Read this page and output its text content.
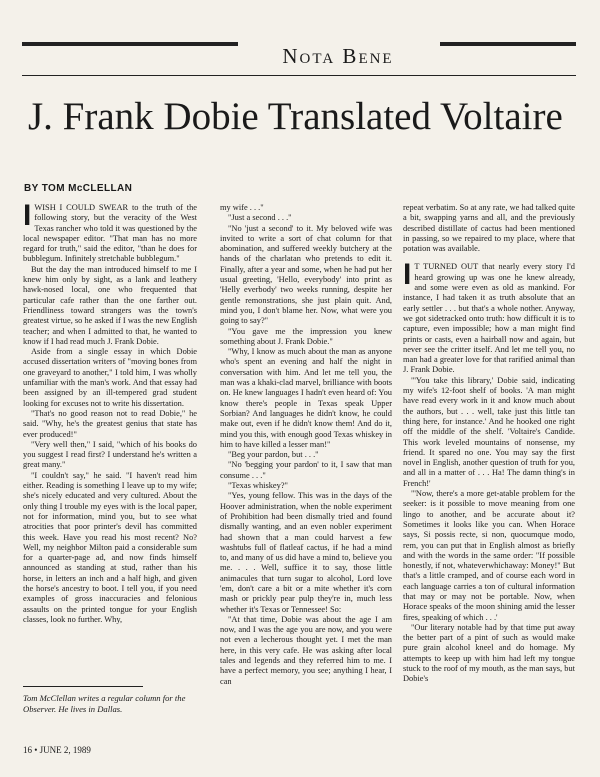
Nota Bene
J. Frank Dobie Translated Voltaire
BY TOM McCLELLAN

IWISH I COULD SWEAR to the truth of the following story, but the veracity of the West Texas rancher who told it was questioned by the local newspaper editor. "That man has no more regard for truth," said the editor, "than he does for bubblegum. Infinitely stretchable bubblegum."

But the day the man introduced himself to me I knew him only by sight, as a lank and leathery hawk-nosed local, one who frequented that particular cafe rather than the one farther out. Friendliness toward strangers was the town's greatest virtue, so he asked if I was the new English teacher; and when I admitted to that, he wanted to know if I had read much J. Frank Dobie.

Aside from a single essay in which Dobie accused dissertation writers of "moving bones from one graveyard to another," I told him, I was wholly unfamiliar with the man's work. And that essay had been assigned by an ill-tempered grad student looking for excuses not to write his dissertation.

"That's no good reason not to read Dobie," he said. "Why, he's the greatest genius that state has ever produced!"

"Very well then," I said, "which of his books do you suggest I read first? I understand he's written a great many."

"I couldn't say," he said. "I haven't read him either. Reading is something I leave up to my wife; she's nicely educated and very cultured. About the only thing I trouble my eyes with is the local paper, not for information, mind you, but to see what atrocities that poor printer's devil has committed this week. Have you read his most recent? No? Well, my neighbor Milton paid a considerable sum for a quarter-page ad, and now finds himself announced as standing at stud, rather than his horse, in letters an inch and a half high, and given the horse's ancestry to boot. I tell you, if you need examples of gross inaccuracies and felonious assaults on the printed tongue for your English classes, look no further. Why,

Tom McClellan writes a regular column for the Observer. He lives in Dallas.

my wife . . ."

"Just a second . . ."

"No 'just a second' to it. My beloved wife was invited to write a sort of chat column for that abomination, and suffered weekly butchery at the hands of the charlatan who pretends to edit it. Finally, after a year and some, when he had put her usual greeting, 'Hello, everybody' into print as 'Helly everbody' two weeks running, despite her gentle remonstrations, she just plain quit. And, mind you, I don't blame her. Now, what were you going to say?"

"You gave me the impression you knew something about J. Frank Dobie."

"Why, I know as much about the man as anyone who's spent an evening and half the night in conversation with him. And let me tell you, the man was a khaki-clad marvel, brilliance with boots on. He knew languages I hadn't even heard of: You know there's people in Texas speak Upper Sorbian? And languages he didn't know, he could make out, even if he didn't know them! And do it, mind you this, with enough good Texas whiskey in him to have killed a lesser man!"

"Beg your pardon, but . . ."

"No 'begging your pardon' to it, I saw that man consume . . ."

"Texas whiskey?"

"Yes, young fellow. This was in the days of the Hoover administration, when the noble experiment of Prohibition had been dismally tried and found dismally wanting, and an even nobler experiment had shown that a man could harvest a few washtubs full of flatleaf cactus, if he had a mind to, and many of us did have a mind to, believe you me. . . . Well, suffice it to say, those little animacules that turn sugar to alcohol, Lord love 'em, don't care a bit or a mite whether it's corn mash or prickly pear pulp they're in, much less whether it's Texas or Tennessee! So:

"At that time, Dobie was about the age I am now, and I was the age you are now, and you were not even a lecherous thought yet. I met the man here, in this very cafe. He was asking after local tales and legends and they referred him to me. I have a perfect memory, you see; anything I hear, I can

repeat verbatim. So at any rate, we had talked quite a bit, swapping yarns and all, and the previously described distillate of cactus had been mentioned in passing, so we repaired to my place, where that potation was available.

I T TURNED OUT that nearly every story I'd heard growing up was one he knew already, and some were even as old as mankind. For instance, I had taken it as truth absolute that an early settler . . . but that's a whole nother. Anyway, we got sidetracked onto truth: how difficult it is to capture, even impossible; how a man might find prints or casts, even a hairball now and again, but never see the critter itself. And let me tell you, no man had a greater love for that rarified animal than J. Frank Dobie.

"'You take this library,' Dobie said, indicating my wife's 12-foot shelf of books. 'A man might have read every work in it and know much about the authors, but . . . well, take just this little tan thing here, for instance.' And he hooked one right off the middle of the shelf. 'Voltaire's Candide. This work leveled mountains of nonsense, my friend. It spared no one. You may say the first novel in English, another question of truth for you, and all in a matter of . . . Ha! The damn thing's in French!'

"'Now, there's a more get-atable problem for the seeker: is it possible to move meaning from one lingo to another, and be accurate about it? Sometimes it looks like you can. When Horace says, Si possis recte, si non, quocumque modo, rem, you can put that in English almost as briefly and with the words in the same order: "If possible honestly, if not, whateverwhichaway: Money!" But that's a little cramped, and of course each word in each language carries a ton of cultural information that may or may not be portable. Now, when Horace speaks of the moon shining amid the lesser fires, speaking of which . . .'

"Our literary notable had by that time put away the better part of a pint of such as would make pure grain alcohol kneel and do homage. My attempts to keep up with him had left my tongue stuck to the roof of my mouth, as the man says, but Dobie's

16 • JUNE 2, 1989
